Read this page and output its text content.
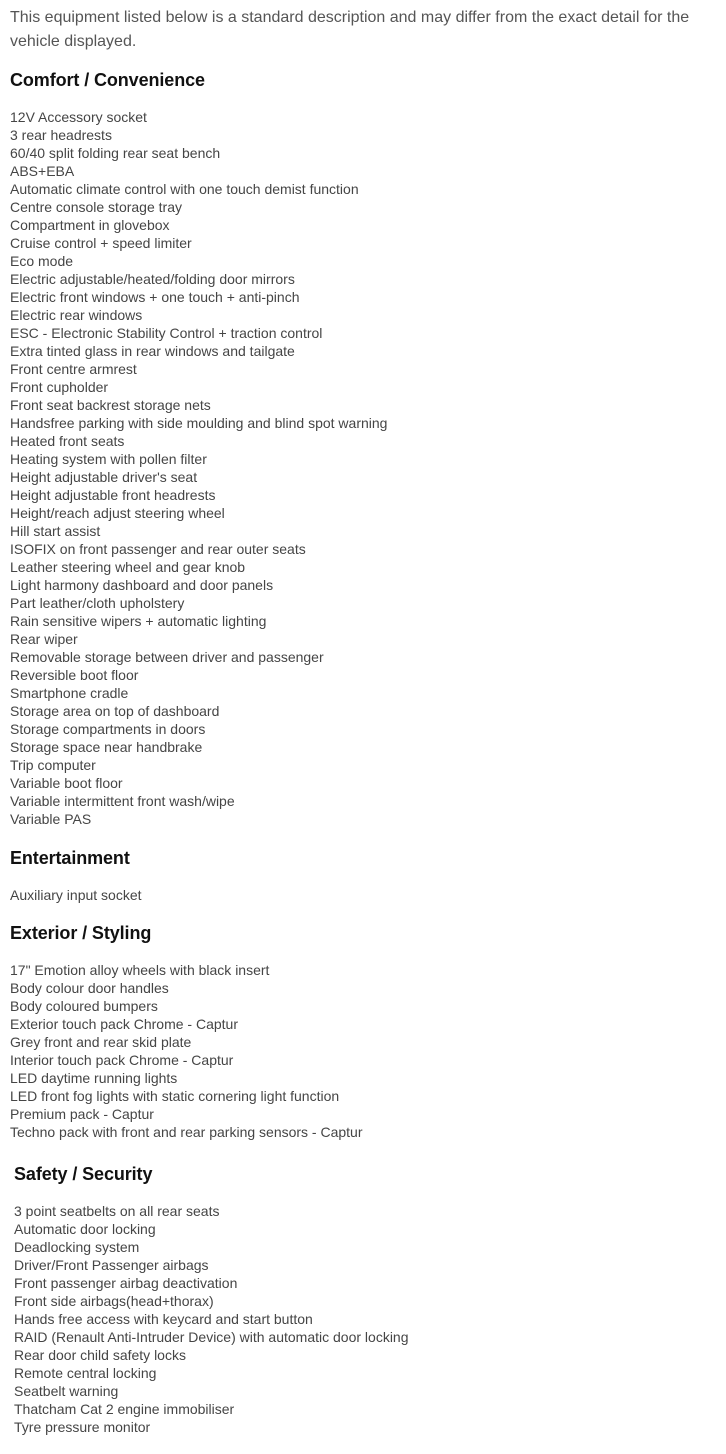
This equipment listed below is a standard description and may differ from the exact detail for the vehicle displayed.

Comfort / Convenience
12V Accessory socket
3 rear headrests
60/40 split folding rear seat bench
ABS+EBA
Automatic climate control with one touch demist function
Centre console storage tray
Compartment in glovebox
Cruise control + speed limiter
Eco mode
Electric adjustable/heated/folding door mirrors
Electric front windows + one touch + anti-pinch
Electric rear windows
ESC - Electronic Stability Control + traction control
Extra tinted glass in rear windows and tailgate
Front centre armrest
Front cupholder
Front seat backrest storage nets
Handsfree parking with side moulding and blind spot warning
Heated front seats
Heating system with pollen filter
Height adjustable driver's seat
Height adjustable front headrests
Height/reach adjust steering wheel
Hill start assist
ISOFIX on front passenger and rear outer seats
Leather steering wheel and gear knob
Light harmony dashboard and door panels
Part leather/cloth upholstery
Rain sensitive wipers + automatic lighting
Rear wiper
Removable storage between driver and passenger
Reversible boot floor
Smartphone cradle
Storage area on top of dashboard
Storage compartments in doors
Storage space near handbrake
Trip computer
Variable boot floor
Variable intermittent front wash/wipe
Variable PAS
Entertainment
Auxiliary input socket
Exterior / Styling
17" Emotion alloy wheels with black insert
Body colour door handles
Body coloured bumpers
Exterior touch pack Chrome - Captur
Grey front and rear skid plate
Interior touch pack Chrome - Captur
LED daytime running lights
LED front fog lights with static cornering light function
Premium pack - Captur
Techno pack with front and rear parking sensors - Captur
Safety / Security
3 point seatbelts on all rear seats
Automatic door locking
Deadlocking system
Driver/Front Passenger airbags
Front passenger airbag deactivation
Front side airbags(head+thorax)
Hands free access with keycard and start button
RAID (Renault Anti-Intruder Device) with automatic door locking
Rear door child safety locks
Remote central locking
Seatbelt warning
Thatcham Cat 2 engine immobiliser
Tyre pressure monitor
